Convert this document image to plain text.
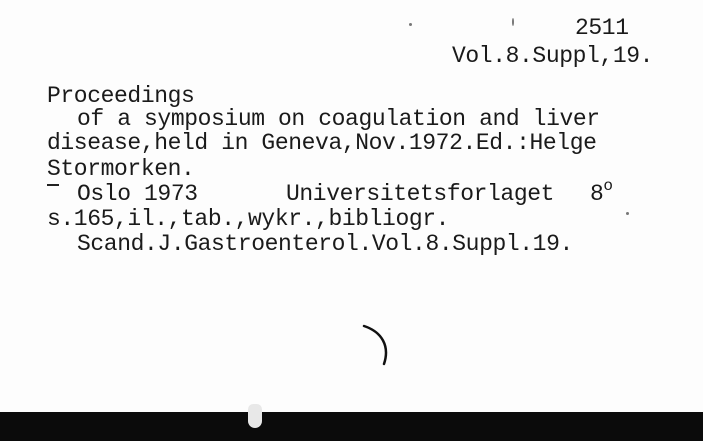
2511
Vol.8.Suppl,19.
Proceedings
of a symposium on coagulation and liver
disease,held in Geneva,Nov.1972.Ed.:Helge
Stormorken.
Oslo 1973	Universitetsforlaget 8$^o$
s.165,il.,tab.,wykr.,bibliogr.
Scand.J.Gastroenterol.Vol.8.Suppl.19.
